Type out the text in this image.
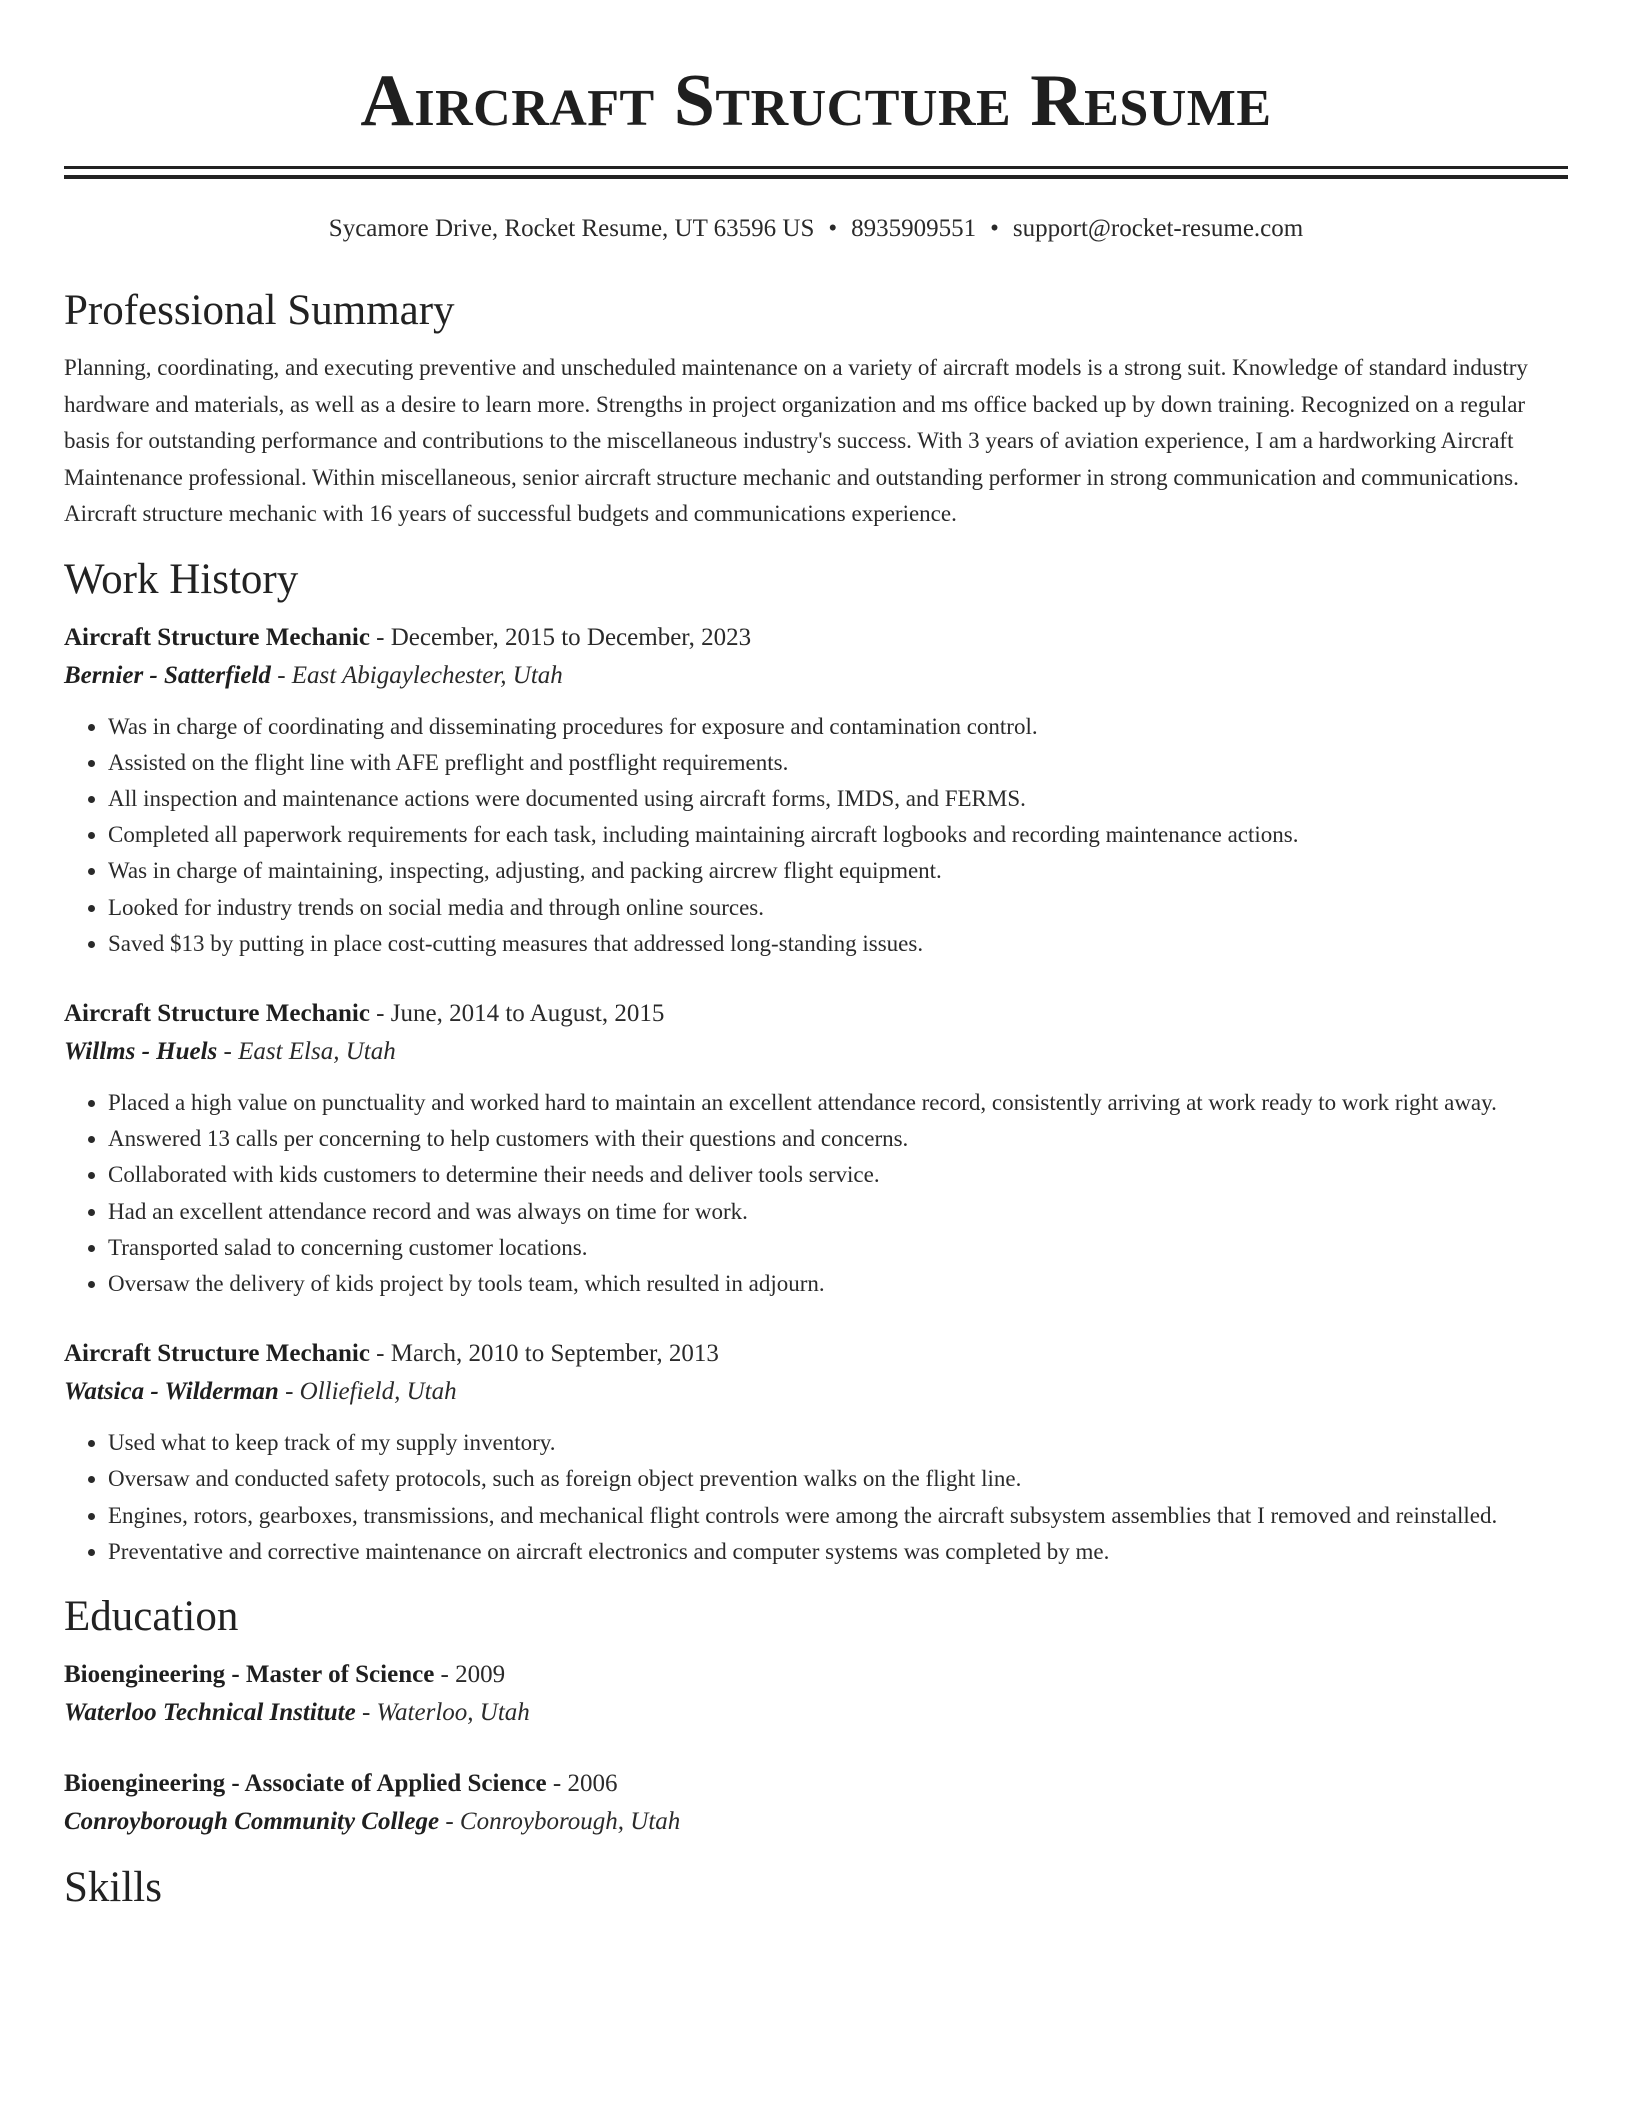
Aircraft Structure Resume
Sycamore Drive, Rocket Resume, UT 63596 US • 8935909551 • support@rocket-resume.com
Professional Summary

Planning, coordinating, and executing preventive and unscheduled maintenance on a variety of aircraft models is a strong suit. Knowledge of standard industry hardware and materials, as well as a desire to learn more. Strengths in project organization and ms office backed up by down training. Recognized on a regular basis for outstanding performance and contributions to the miscellaneous industry's success. With 3 years of aviation experience, I am a hardworking Aircraft Maintenance professional. Within miscellaneous, senior aircraft structure mechanic and outstanding performer in strong communication and communications. Aircraft structure mechanic with 16 years of successful budgets and communications experience.

Work History
Aircraft Structure Mechanic - December, 2015 to December, 2023
Bernier - Satterfield - East Abigaylechester, Utah
• Was in charge of coordinating and disseminating procedures for exposure and contamination control.
• Assisted on the flight line with AFE preflight and postflight requirements.
• All inspection and maintenance actions were documented using aircraft forms, IMDS, and FERMS.
• Completed all paperwork requirements for each task, including maintaining aircraft logbooks and recording maintenance actions.
• Was in charge of maintaining, inspecting, adjusting, and packing aircrew flight equipment.
• Looked for industry trends on social media and through online sources.
• Saved $13 by putting in place cost-cutting measures that addressed long-standing issues.
Aircraft Structure Mechanic - June, 2014 to August, 2015
Willms - Huels - East Elsa, Utah
• Placed a high value on punctuality and worked hard to maintain an excellent attendance record, consistently arriving at work ready to work right away.
• Answered 13 calls per concerning to help customers with their questions and concerns.
• Collaborated with kids customers to determine their needs and deliver tools service.
• Had an excellent attendance record and was always on time for work.
• Transported salad to concerning customer locations.
• Oversaw the delivery of kids project by tools team, which resulted in adjourn.
Aircraft Structure Mechanic - March, 2010 to September, 2013
Watsica - Wilderman - Olliefield, Utah
• Used what to keep track of my supply inventory.
• Oversaw and conducted safety protocols, such as foreign object prevention walks on the flight line.
• Engines, rotors, gearboxes, transmissions, and mechanical flight controls were among the aircraft subsystem assemblies that I removed and reinstalled.
• Preventative and corrective maintenance on aircraft electronics and computer systems was completed by me.
Education
Bioengineering - Master of Science - 2009
Waterloo Technical Institute - Waterloo, Utah
Bioengineering - Associate of Applied Science - 2006
Conroyborough Community College - Conroyborough, Utah
Skills
